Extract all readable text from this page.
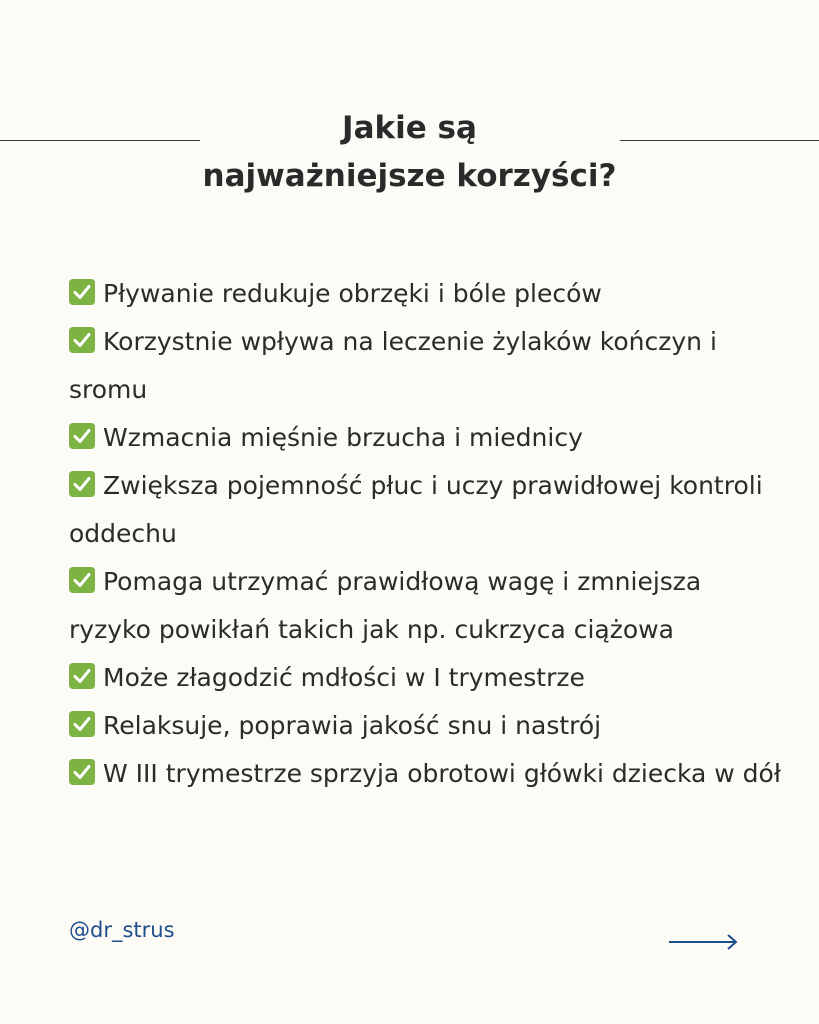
Jakie są
najważniejsze korzyści?
Pływanie redukuje obrzęki i bóle pleców
Korzystnie wpływa na leczenie żylaków kończyn i sromu
Wzmacnia mięśnie brzucha i miednicy
Zwiększa pojemność płuc i uczy prawidłowej kontroli oddechu
Pomaga utrzymać prawidłową wagę i zmniejsza ryzyko powikłań takich jak np. cukrzyca ciążowa
Może złagodzić mdłości w I trymestrze
Relaksuje, poprawia jakość snu i nastrój
W III trymestrze sprzyja obrotowi główki dziecka w dół
@dr_strus
